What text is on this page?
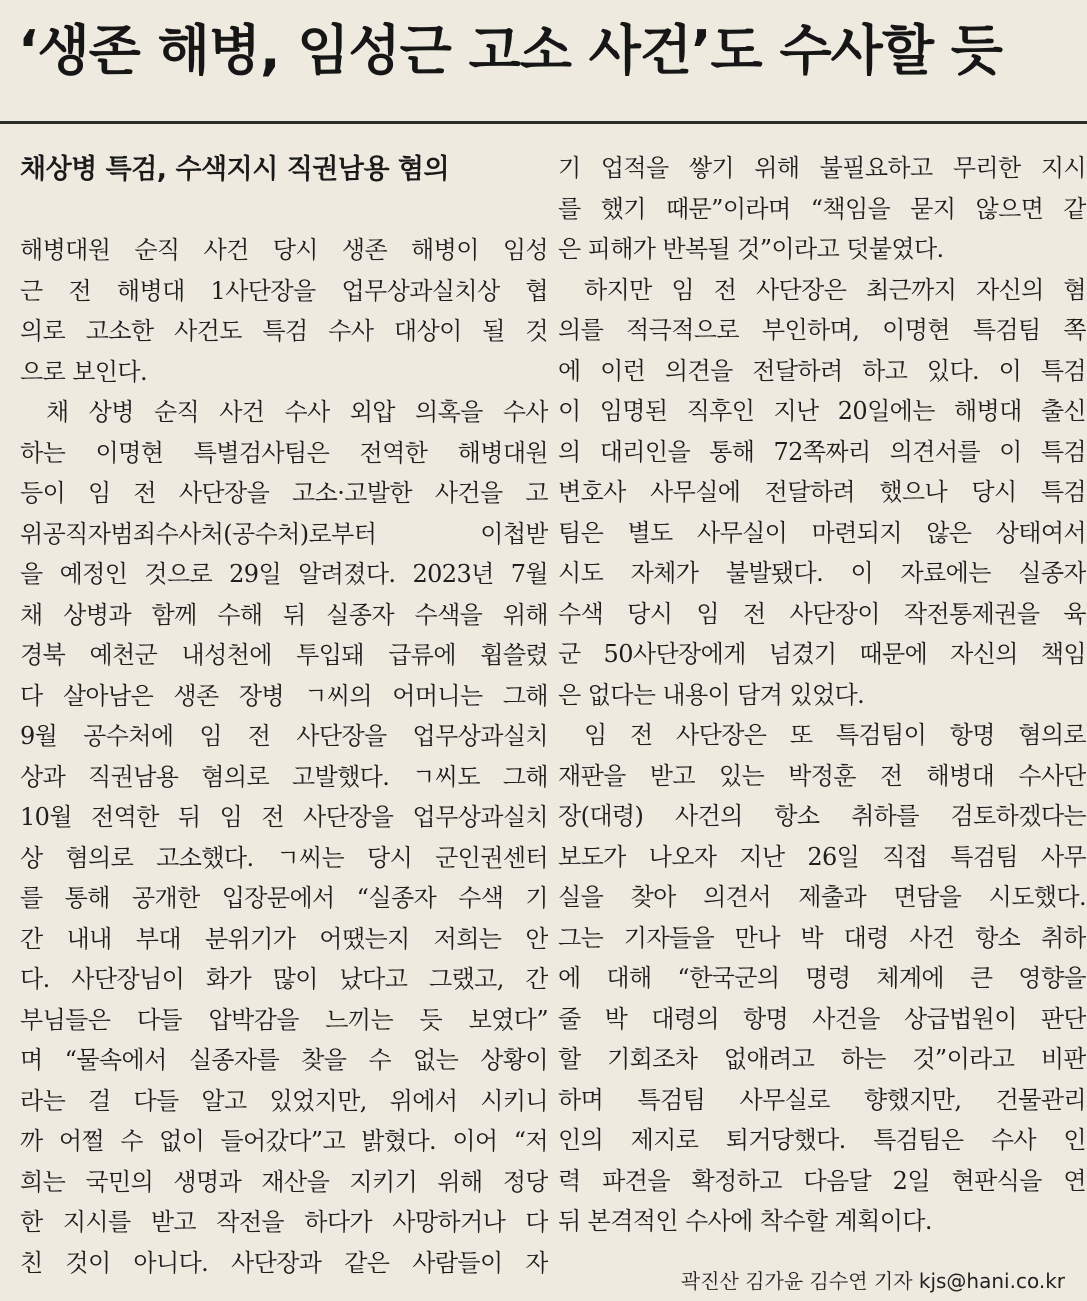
‘생존 해병, 임성근 고소 사건’도 수사할 듯
채상병 특검, 수색지시 직권남용 혐의
해병대원 순직 사건 당시 생존 해병이 임성
근 전 해병대 1사단장을 업무상과실치상 협
의로 고소한 사건도 특검 수사 대상이 될 것
으로 보인다.
채 상병 순직 사건 수사 외압 의혹을 수사
하는 이명현 특별검사팀은 전역한 해병대원
등이 임 전 사단장을 고소·고발한 사건을 고
위공직자범죄수사처(공수처)로부터 이첩받
을 예정인 것으로 29일 알려졌다. 2023년 7월
채 상병과 함께 수해 뒤 실종자 수색을 위해
경북 예천군 내성천에 투입돼 급류에 휩쓸렸
다 살아남은 생존 장병 ㄱ씨의 어머니는 그해
9월 공수처에 임 전 사단장을 업무상과실치
상과 직권남용 혐의로 고발했다. ㄱ씨도 그해
10월 전역한 뒤 임 전 사단장을 업무상과실치
상 혐의로 고소했다. ㄱ씨는 당시 군인권센터
를 통해 공개한 입장문에서 “실종자 수색 기
간 내내 부대 분위기가 어땠는지 저희는 안
다. 사단장님이 화가 많이 났다고 그랬고, 간
부님들은 다들 압박감을 느끼는 듯 보였다”
며 “물속에서 실종자를 찾을 수 없는 상황이
라는 걸 다들 알고 있었지만, 위에서 시키니
까 어쩔 수 없이 들어갔다”고 밝혔다. 이어 “저
희는 국민의 생명과 재산을 지키기 위해 정당
한 지시를 받고 작전을 하다가 사망하거나 다
친 것이 아니다. 사단장과 같은 사람들이 자
기 업적을 쌓기 위해 불필요하고 무리한 지시
를 했기 때문”이라며 “책임을 묻지 않으면 같
은 피해가 반복될 것”이라고 덧붙였다.
하지만 임 전 사단장은 최근까지 자신의 혐
의를 적극적으로 부인하며, 이명현 특검팀 쪽
에 이런 의견을 전달하려 하고 있다. 이 특검
이 임명된 직후인 지난 20일에는 해병대 출신
의 대리인을 통해 72쪽짜리 의견서를 이 특검
변호사 사무실에 전달하려 했으나 당시 특검
팀은 별도 사무실이 마련되지 않은 상태여서
시도 자체가 불발됐다. 이 자료에는 실종자
수색 당시 임 전 사단장이 작전통제권을 육
군 50사단장에게 넘겼기 때문에 자신의 책임
은 없다는 내용이 담겨 있었다.
임 전 사단장은 또 특검팀이 항명 혐의로
재판을 받고 있는 박정훈 전 해병대 수사단
장(대령) 사건의 항소 취하를 검토하겠다는
보도가 나오자 지난 26일 직접 특검팀 사무
실을 찾아 의견서 제출과 면담을 시도했다.
그는 기자들을 만나 박 대령 사건 항소 취하
에 대해 “한국군의 명령 체계에 큰 영향을
줄 박 대령의 항명 사건을 상급법원이 판단
할 기회조차 없애려고 하는 것”이라고 비판
하며 특검팀 사무실로 향했지만, 건물관리
인의 제지로 퇴거당했다. 특검팀은 수사 인
력 파견을 확정하고 다음달 2일 현판식을 연
뒤 본격적인 수사에 착수할 계획이다.
곽진산 김가윤 김수연 기자 kjs@hani.co.kr
